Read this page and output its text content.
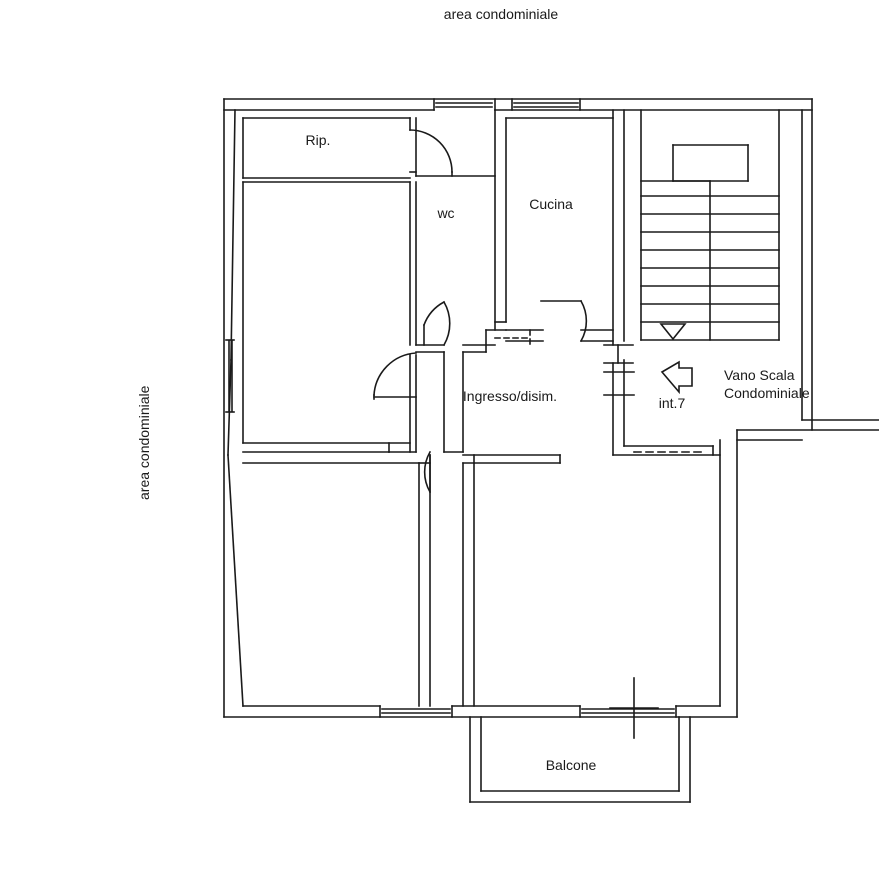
area condominiale
area condominiale
Rip.
wc
Cucina
Ingresso/disim.	int.7
Vano Scala
Condominiale
Balcone
